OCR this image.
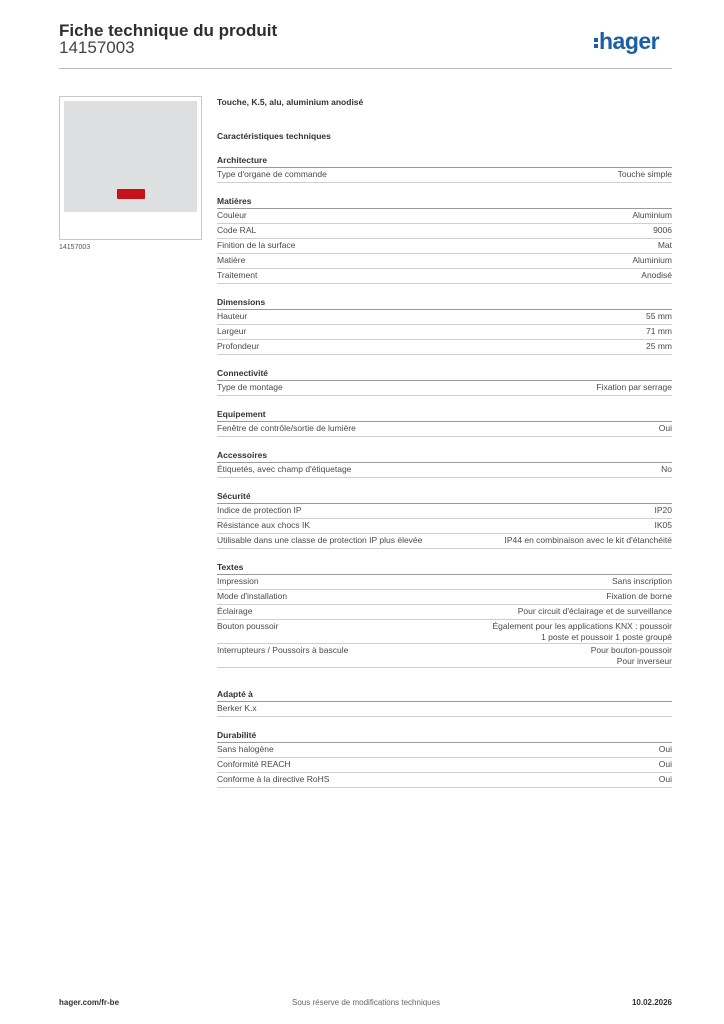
Fiche technique du produit
14157003	hager
14157003
Touche, K.5, alu, aluminium anodisé
Caractéristiques techniques
Architecture
Type d'organe de commande	Touche simple
Matières
Couleur	Aluminium
Code RAL	9006
Finition de la surface	Mat
Matière	Aluminium
Traitement	Anodisé
Dimensions
Hauteur	55 mm
Largeur	71 mm
Profondeur	25 mm
Connectivité
Type de montage	Fixation par serrage
Equipement
Fenêtre de contrôle/sortie de lumière	Oui
Accessoires
Étiquetés, avec champ d'étiquetage	No
Sécurité
Indice de protection IP	IP20
Résistance aux chocs IK	IK05
Utilisable dans une classe de protection IP plus élevée	IP44 en combinaison avec le kit d'étanchéité
Textes
Impression	Sans inscription
Mode d'installation	Fixation de borne
Éclairage	Pour circuit d'éclairage et de surveillance
Bouton poussoir	Également pour les applications KNX : poussoir
1 poste et poussoir 1 poste groupé
Interrupteurs / Poussoirs à bascule	Pour bouton-poussoir
Pour inverseur
Adapté à
Berker K.x
Durabilité
Sans halogène	Oui
Conformité REACH	Oui
Conforme à la directive RoHS	Oui
hager.com/fr-be	Sous réserve de modifications techniques	10.02.2026
